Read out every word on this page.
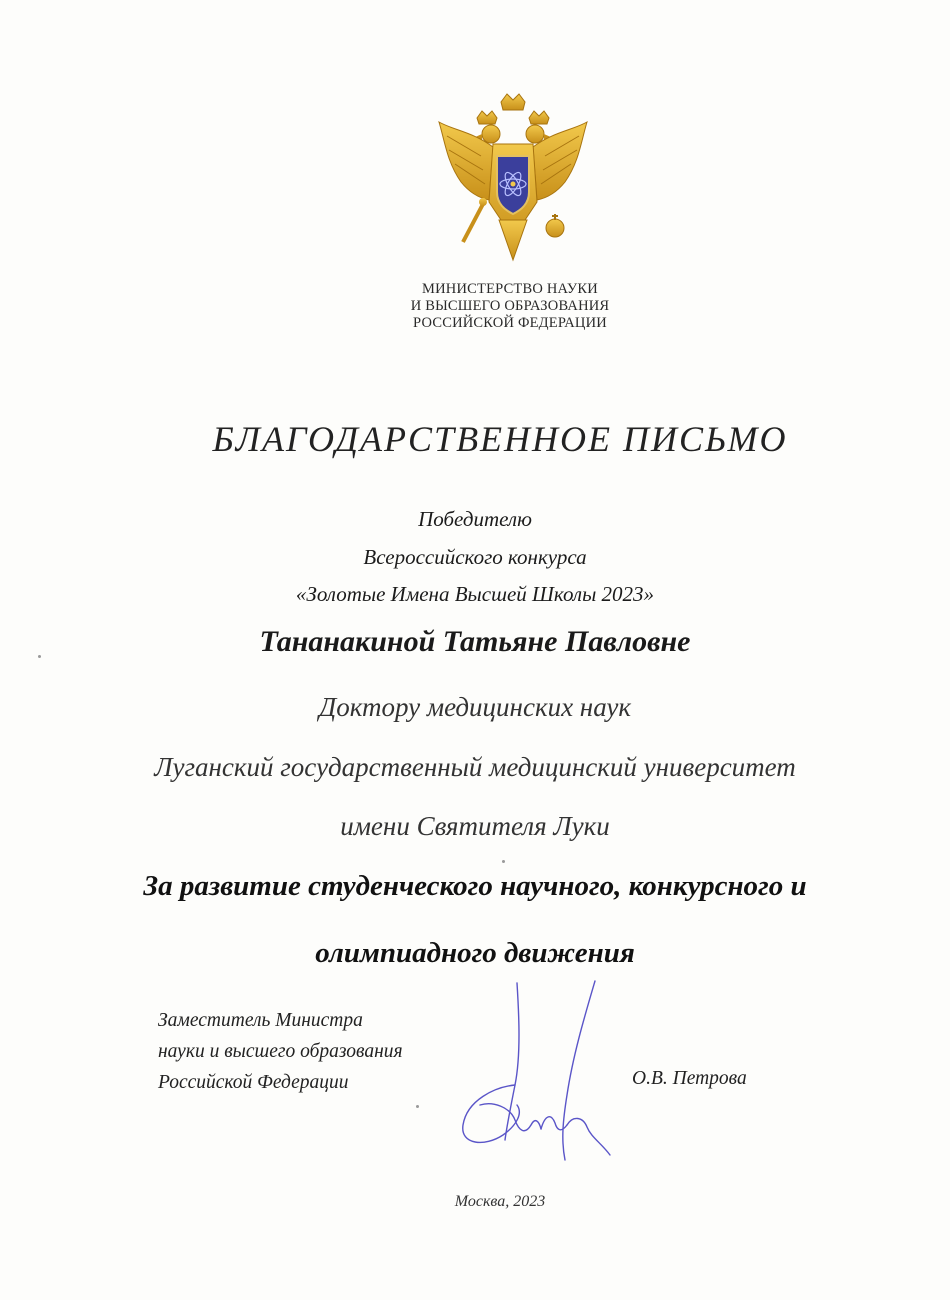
МИНИСТЕРСТВО НАУКИ
И ВЫСШЕГО ОБРАЗОВАНИЯ
РОССИЙСКОЙ ФЕДЕРАЦИИ
БЛАГОДАРСТВЕННОЕ ПИСЬМО
Победителю
Всероссийского конкурса
«Золотые Имена Высшей Школы 2023»
Тананакиной Татьяне Павловне
Доктору медицинских наук
Луганский государственный медицинский университет
имени Святителя Луки
За развитие студенческого научного, конкурсного и
олимпиадного движения
Заместитель Министра
науки и высшего образования
Российской Федерации	О.В. Петрова
Москва, 2023
